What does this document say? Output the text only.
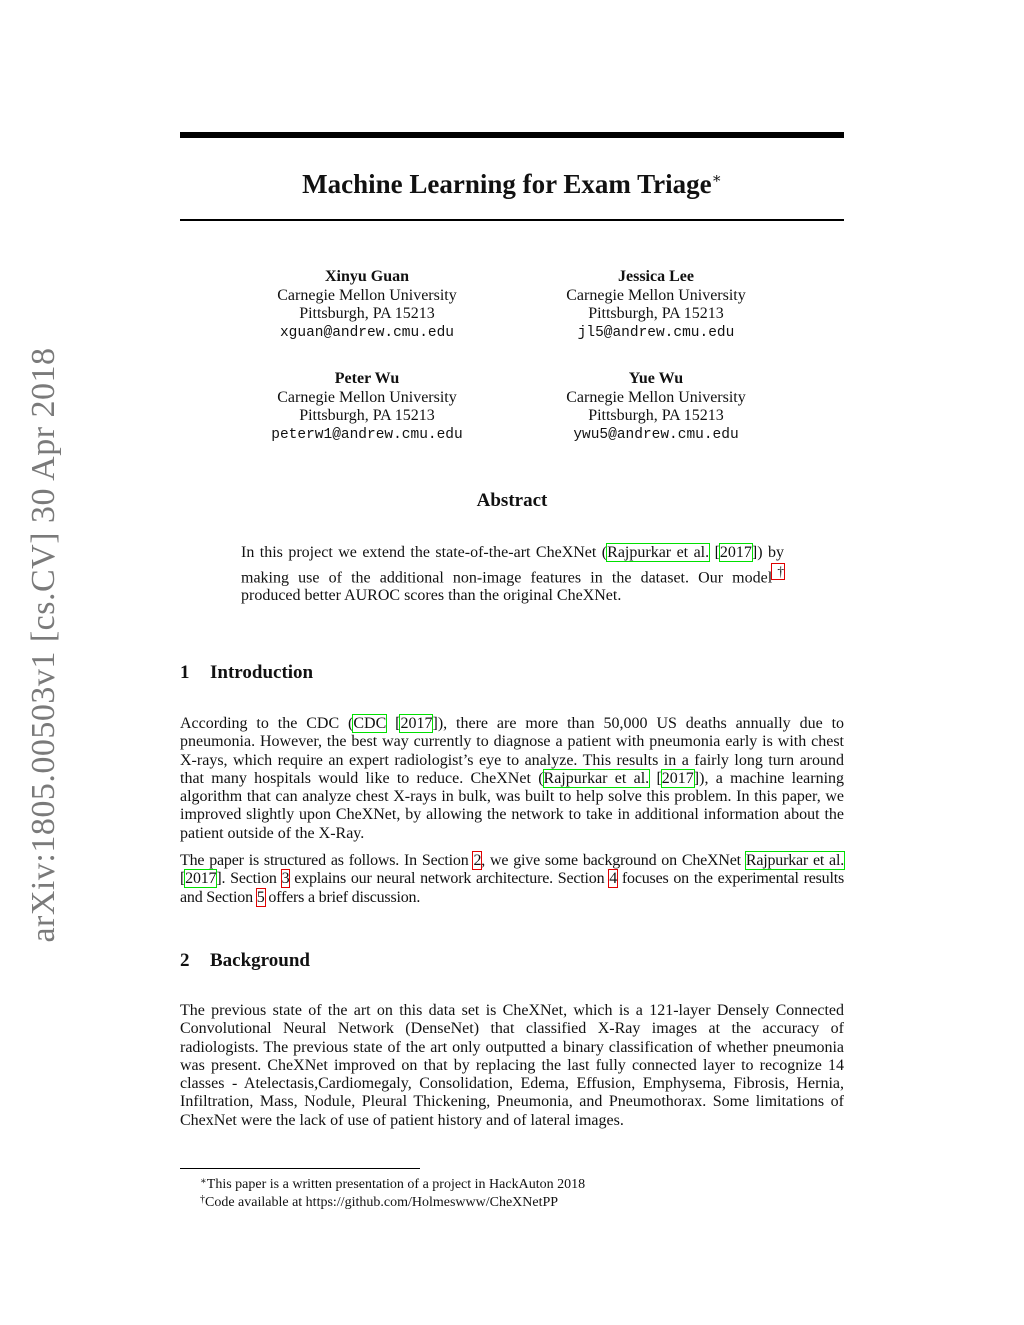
arXiv:1805.00503v1 [cs.CV] 30 Apr 2018
Machine Learning for Exam Triage∗
Xinyu Guan
Carnegie Mellon University
Pittsburgh, PA 15213
xguan@andrew.cmu.edu
Jessica Lee
Carnegie Mellon University
Pittsburgh, PA 15213
jl5@andrew.cmu.edu
Peter Wu
Carnegie Mellon University
Pittsburgh, PA 15213
peterw1@andrew.cmu.edu
Yue Wu
Carnegie Mellon University
Pittsburgh, PA 15213
ywu5@andrew.cmu.edu
Abstract
In this project we extend the state-of-the-art CheXNet (Rajpurkar et al. [2017]) by making use of the additional non-image features in the dataset. Our model† produced better AUROC scores than the original CheXNet.
1 Introduction
According to the CDC (CDC [2017]), there are more than 50,000 US deaths annually due to pneumonia. However, the best way currently to diagnose a patient with pneumonia early is with chest X-rays, which require an expert radiologist’s eye to analyze. This results in a fairly long turn around that many hospitals would like to reduce. CheXNet (Rajpurkar et al. [2017]), a machine learning algorithm that can analyze chest X-rays in bulk, was built to help solve this problem. In this paper, we improved slightly upon CheXNet, by allowing the network to take in additional information about the patient outside of the X-Ray.
The paper is structured as follows. In Section 2, we give some background on CheXNet Rajpurkar et al. [2017]. Section 3 explains our neural network architecture. Section 4 focuses on the experimental results and Section 5 offers a brief discussion.
2 Background
The previous state of the art on this data set is CheXNet, which is a 121-layer Densely Connected Convolutional Neural Network (DenseNet) that classified X-Ray images at the accuracy of radiologists. The previous state of the art only outputted a binary classification of whether pneumonia was present. CheXNet improved on that by replacing the last fully connected layer to recognize 14 classes - Atelectasis,Cardiomegaly, Consolidation, Edema, Effusion, Emphysema, Fibrosis, Hernia, Infiltration, Mass, Nodule, Pleural Thickening, Pneumonia, and Pneumothorax. Some limitations of ChexNet were the lack of use of patient history and of lateral images.
∗This paper is a written presentation of a project in HackAuton 2018
†Code available at https://github.com/Holmeswww/CheXNetPP
